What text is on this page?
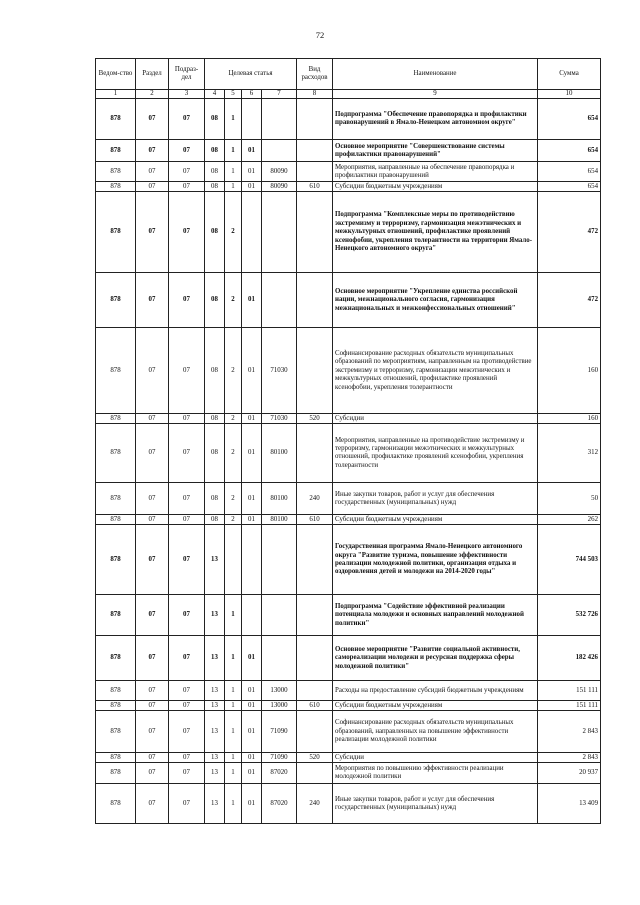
72
Ведом-ство	Раздел	Подраз-дел	Целевая статья				Вид расходов	Наименование	Сумма
1	2	3	4	5	6	7	8	9	10
878	07	07	08	1				Подпрограмма "Обеспечение правопорядка и профилактики правонарушений в Ямало-Ненецком автономном округе"	654
878	07	07	08	1	01			Основное мероприятие "Совершенствование системы профилактики правонарушений"	654
878	07	07	08	1	01	80090		Мероприятия, направленные на обеспечение правопорядка и профилактики правонарушений	654
878	07	07	08	1	01	80090	610	Субсидии бюджетным учреждениям	654
878	07	07	08	2				Подпрограмма "Комплексные меры по противодействию экстремизму и терроризму, гармонизация межэтнических и межкультурных отношений, профилактике проявлений ксенофобии, укрепления толерантности на территории Ямало-Ненецкого автономного округа"	472
878	07	07	08	2	01			Основное мероприятие "Укрепление единства российской нации, межнационального согласия, гармонизация межнациональных и межконфессиональных отношений"	472
878	07	07	08	2	01	71030		Софинансирование расходных обязательств муниципальных образований по мероприятиям, направленным на противодействие экстремизму и терроризму, гармонизации межэтнических и межкультурных отношений, профилактике проявлений ксенофобии, укрепления толерантности	160
878	07	07	08	2	01	71030	520	Субсидии	160
878	07	07	08	2	01	80100		Мероприятия, направленные на противодействие экстремизму и терроризму, гармонизации межэтнических и межкультурных отношений, профилактике проявлений ксенофобии, укрепления толерантности	312
878	07	07	08	2	01	80100	240	Иные закупки товаров, работ и услуг для обеспечения государственных (муниципальных) нужд	50
878	07	07	08	2	01	80100	610	Субсидии бюджетным учреждениям	262
878	07	07	13					Государственная программа Ямало-Ненецкого автономного округа "Развитие туризма, повышение эффективности реализации молодежной политики, организация отдыха и оздоровления детей и молодежи на 2014-2020 годы"	744 503
878	07	07	13	1				Подпрограмма "Содействие эффективной реализации потенциала молодежи и основных направлений молодежной политики"	532 726
878	07	07	13	1	01			Основное мероприятие "Развитие социальной активности, самореализации молодежи и ресурсная поддержка сферы молодежной политики"	182 426
878	07	07	13	1	01	13000		Расходы на предоставление субсидий бюджетным учреждениям	151 111
878	07	07	13	1	01	13000	610	Субсидии бюджетным учреждениям	151 111
878	07	07	13	1	01	71090		Софинансирование расходных обязательств муниципальных образований, направленных на повышение эффективности реализации молодежной политики	2 843
878	07	07	13	1	01	71090	520	Субсидии	2 843
878	07	07	13	1	01	87020		Мероприятия по повышению эффективности реализации молодежной политики	20 937
878	07	07	13	1	01	87020	240	Иные закупки товаров, работ и услуг для обеспечения государственных (муниципальных) нужд	13 409
